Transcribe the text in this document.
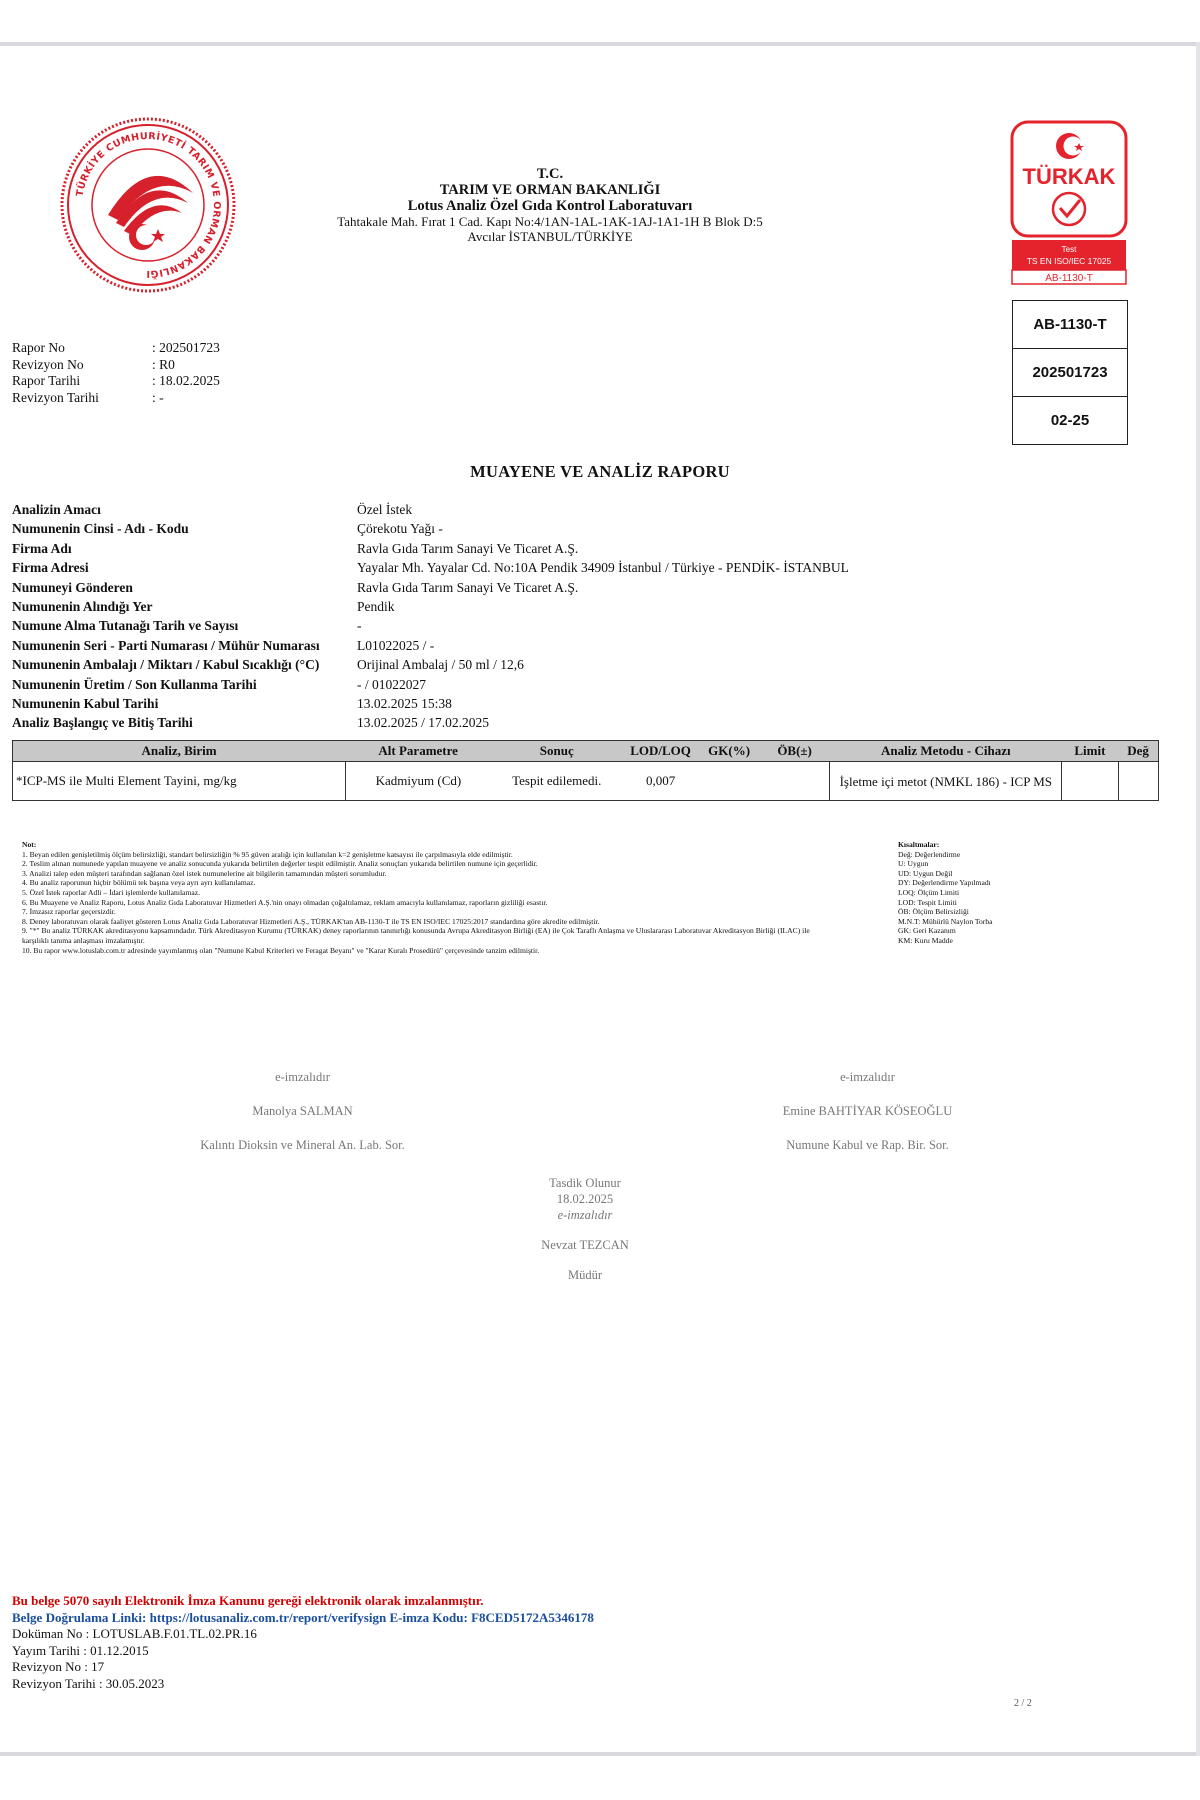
TÜRKİYE CUMHURİYETİ TARIM VE ORMAN BAKANLIĞI
T.C.
TARIM VE ORMAN BAKANLIĞI
Lotus Analiz Özel Gıda Kontrol Laboratuvarı
Tahtakale Mah. Fırat 1 Cad. Kapı No:4/1AN-1AL-1AK-1AJ-1A1-1H B Blok D:5
Avcılar İSTANBUL/TÜRKİYE
TÜRKAK
Test
TS EN ISO/IEC 17025
AB-1130-T
AB-1130-T
202501723
02-25
Rapor No	: 202501723
Revizyon No	: R0
Rapor Tarihi	: 18.02.2025
Revizyon Tarihi	: -
MUAYENE VE ANALİZ RAPORU
Analizin Amacı	Özel İstek
Numunenin Cinsi - Adı - Kodu	Çörekotu Yağı -
Firma Adı	Ravla Gıda Tarım Sanayi Ve Ticaret A.Ş.
Firma Adresi	Yayalar Mh. Yayalar Cd. No:10A Pendik 34909 İstanbul / Türkiye - PENDİK- İSTANBUL
Numuneyi Gönderen	Ravla Gıda Tarım Sanayi Ve Ticaret A.Ş.
Numunenin Alındığı Yer	Pendik
Numune Alma Tutanağı Tarih ve Sayısı	-
Numunenin Seri - Parti Numarası / Mühür Numarası	L01022025 / -
Numunenin Ambalajı / Miktarı / Kabul Sıcaklığı (°C)	Orijinal Ambalaj / 50 ml / 12,6
Numunenin Üretim / Son Kullanma Tarihi	- / 01022027
Numunenin Kabul Tarihi	13.02.2025 15:38
Analiz Başlangıç ve Bitiş Tarihi	13.02.2025 / 17.02.2025
Analiz, Birim	Alt Parametre	Sonuç	LOD/LOQ	GK(%)	ÖB(±)	Analiz Metodu - Cihazı	Limit	Değ
*ICP-MS ile Multi Element Tayini, mg/kg	Kadmiyum (Cd)	Tespit edilemedi.	0,007			İşletme içi metot (NMKL 186) - ICP MS		
Not:
1. Beyan edilen genişletilmiş ölçüm belirsizliği, standart belirsizliğin % 95 güven aralığı için kullanılan k=2 genişletme katsayısı ile çarpılmasıyla elde edilmiştir.
2. Teslim alınan numunede yapılan muayene ve analiz sonucunda yukarıda belirtilen değerler tespit edilmiştir. Analiz sonuçları yukarıda belirtilen numune için geçerlidir.
3. Analizi talep eden müşteri tarafından sağlanan özel istek numunelerine ait bilgilerin tamamından müşteri sorumludur.
4. Bu analiz raporunun hiçbir bölümü tek başına veya ayrı ayrı kullanılamaz.
5. Özel İstek raporlar Adli – İdari işlemlerde kullanılamaz.
6. Bu Muayene ve Analiz Raporu, Lotus Analiz Gıda Laboratuvar Hizmetleri A.Ş.'nin onayı olmadan çoğaltılamaz, reklam amacıyla kullanılamaz, raporların gizliliği esastır.
7. İmzasız raporlar geçersizdir.
8. Deney laboratuvarı olarak faaliyet gösteren Lotus Analiz Gıda Laboratuvar Hizmetleri A.Ş., TÜRKAK'tan AB-1130-T ile TS EN ISO/IEC 17025:2017 standardına göre akredite edilmiştir.
9. "*" Bu analiz TÜRKAK akreditasyonu kapsamındadır. Türk Akreditasyon Kurumu (TÜRKAK) deney raporlarının tanınırlığı konusunda Avrupa Akreditasyon Birliği (EA) ile Çok Taraflı Anlaşma ve Uluslararası Laboratuvar Akreditasyon Birliği (ILAC) ile karşılıklı tanıma anlaşması imzalamıştır.
10. Bu rapor www.lotuslab.com.tr adresinde yayımlanmış olan "Numune Kabul Kriterleri ve Feragat Beyanı" ve "Karar Kuralı Prosedürü" çerçevesinde tanzim edilmiştir.
Kısaltmalar:
Değ: Değerlendirme
U: Uygun
UD: Uygun Değil
DY: Değerlendirme Yapılmadı
LOQ: Ölçüm Limiti
LOD: Tespit Limiti
ÖB: Ölçüm Belirsizliği
M.N.T: Mühürlü Naylon Torba
GK: Geri Kazanım
KM: Kuru Madde
e-imzalıdır
Manolya SALMAN
Kalıntı Dioksin ve Mineral An. Lab. Sor.
e-imzalıdır
Emine BAHTİYAR KÖSEOĞLU
Numune Kabul ve Rap. Bir. Sor.
Tasdik Olunur
18.02.2025
e-imzalıdır
Nevzat TEZCAN
Müdür
Bu belge 5070 sayılı Elektronik İmza Kanunu gereği elektronik olarak imzalanmıştır.
Belge Doğrulama Linki: https://lotusanaliz.com.tr/report/verifysign E-imza Kodu: F8CED5172A5346178
Doküman No : LOTUSLAB.F.01.TL.02.PR.16
Yayım Tarihi : 01.12.2015
Revizyon No : 17
Revizyon Tarihi : 30.05.2023
2 / 2
